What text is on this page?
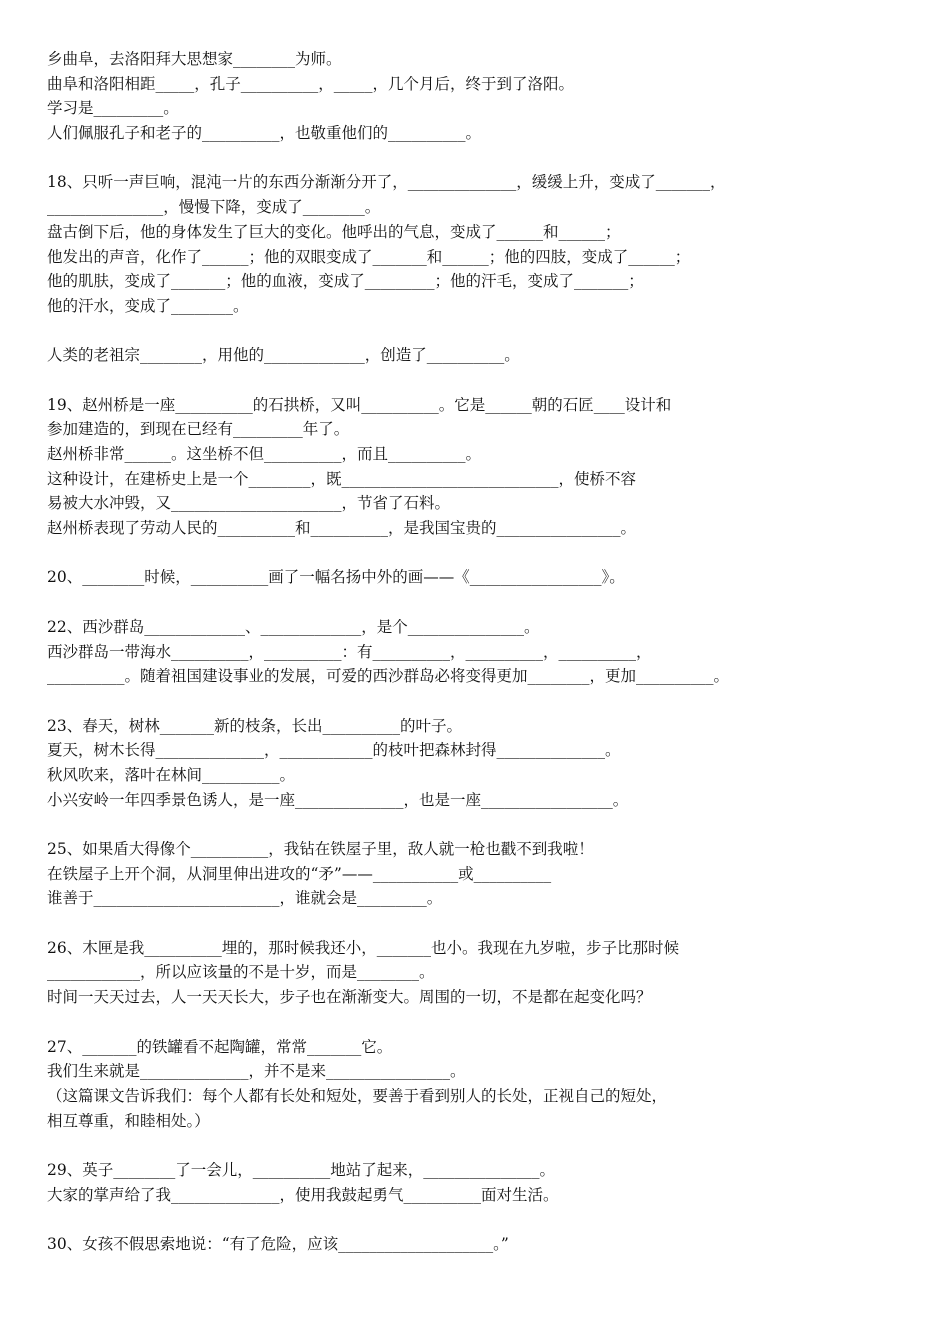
乡曲阜，去洛阳拜大思想家________为师。
曲阜和洛阳相距_____，孔子__________，_____，几个月后，终于到了洛阳。
学习是_________。
人们佩服孔子和老子的__________，也敬重他们的__________。
18、只听一声巨响，混沌一片的东西分渐渐分开了，______________，缓缓上升，变成了_______，
_______________，慢慢下降，变成了________。
盘古倒下后，他的身体发生了巨大的变化。他呼出的气息，变成了______和______；
他发出的声音，化作了______；他的双眼变成了_______和______；他的四肢，变成了______；
他的肌肤，变成了_______；他的血液，变成了_________；他的汗毛，变成了_______；
他的汗水，变成了________。
人类的老祖宗________，用他的_____________，创造了__________。
19、赵州桥是一座__________的石拱桥，又叫__________。它是______朝的石匠____设计和
参加建造的，到现在已经有_________年了。
赵州桥非常______。这坐桥不但__________，而且__________。
这种设计，在建桥史上是一个________，既____________________________，使桥不容
易被大水冲毁，又______________________，节省了石料。
赵州桥表现了劳动人民的__________和__________，是我国宝贵的________________。
20、________时候，__________画了一幅名扬中外的画——《_________________》。
22、西沙群岛_____________、_____________，是个_______________。
西沙群岛一带海水__________，__________：有__________，__________，__________，
__________。随着祖国建设事业的发展，可爱的西沙群岛必将变得更加________，更加__________。
23、春天，树林_______新的枝条，长出__________的叶子。
夏天，树木长得______________，____________的枝叶把森林封得______________。
秋风吹来，落叶在林间__________。
小兴安岭一年四季景色诱人，是一座______________，也是一座_________________。
25、如果盾大得像个__________，我钻在铁屋子里，敌人就一枪也戳不到我啦！
在铁屋子上开个洞，从洞里伸出进攻的“矛”——___________或__________
谁善于________________________，谁就会是_________。
26、木匣是我__________埋的，那时候我还小，_______也小。我现在九岁啦，步子比那时候
____________，所以应该量的不是十岁，而是________。
时间一天天过去，人一天天长大，步子也在渐渐变大。周围的一切，不是都在起变化吗？
27、_______的铁罐看不起陶罐，常常_______它。
我们生来就是______________，并不是来________________。
（这篇课文告诉我们：每个人都有长处和短处，要善于看到别人的长处，正视自己的短处，
相互尊重，和睦相处。）
29、英子________了一会儿，__________地站了起来，_______________。
大家的掌声给了我______________，使用我鼓起勇气__________面对生活。
30、女孩不假思索地说：“有了危险，应该____________________。”
